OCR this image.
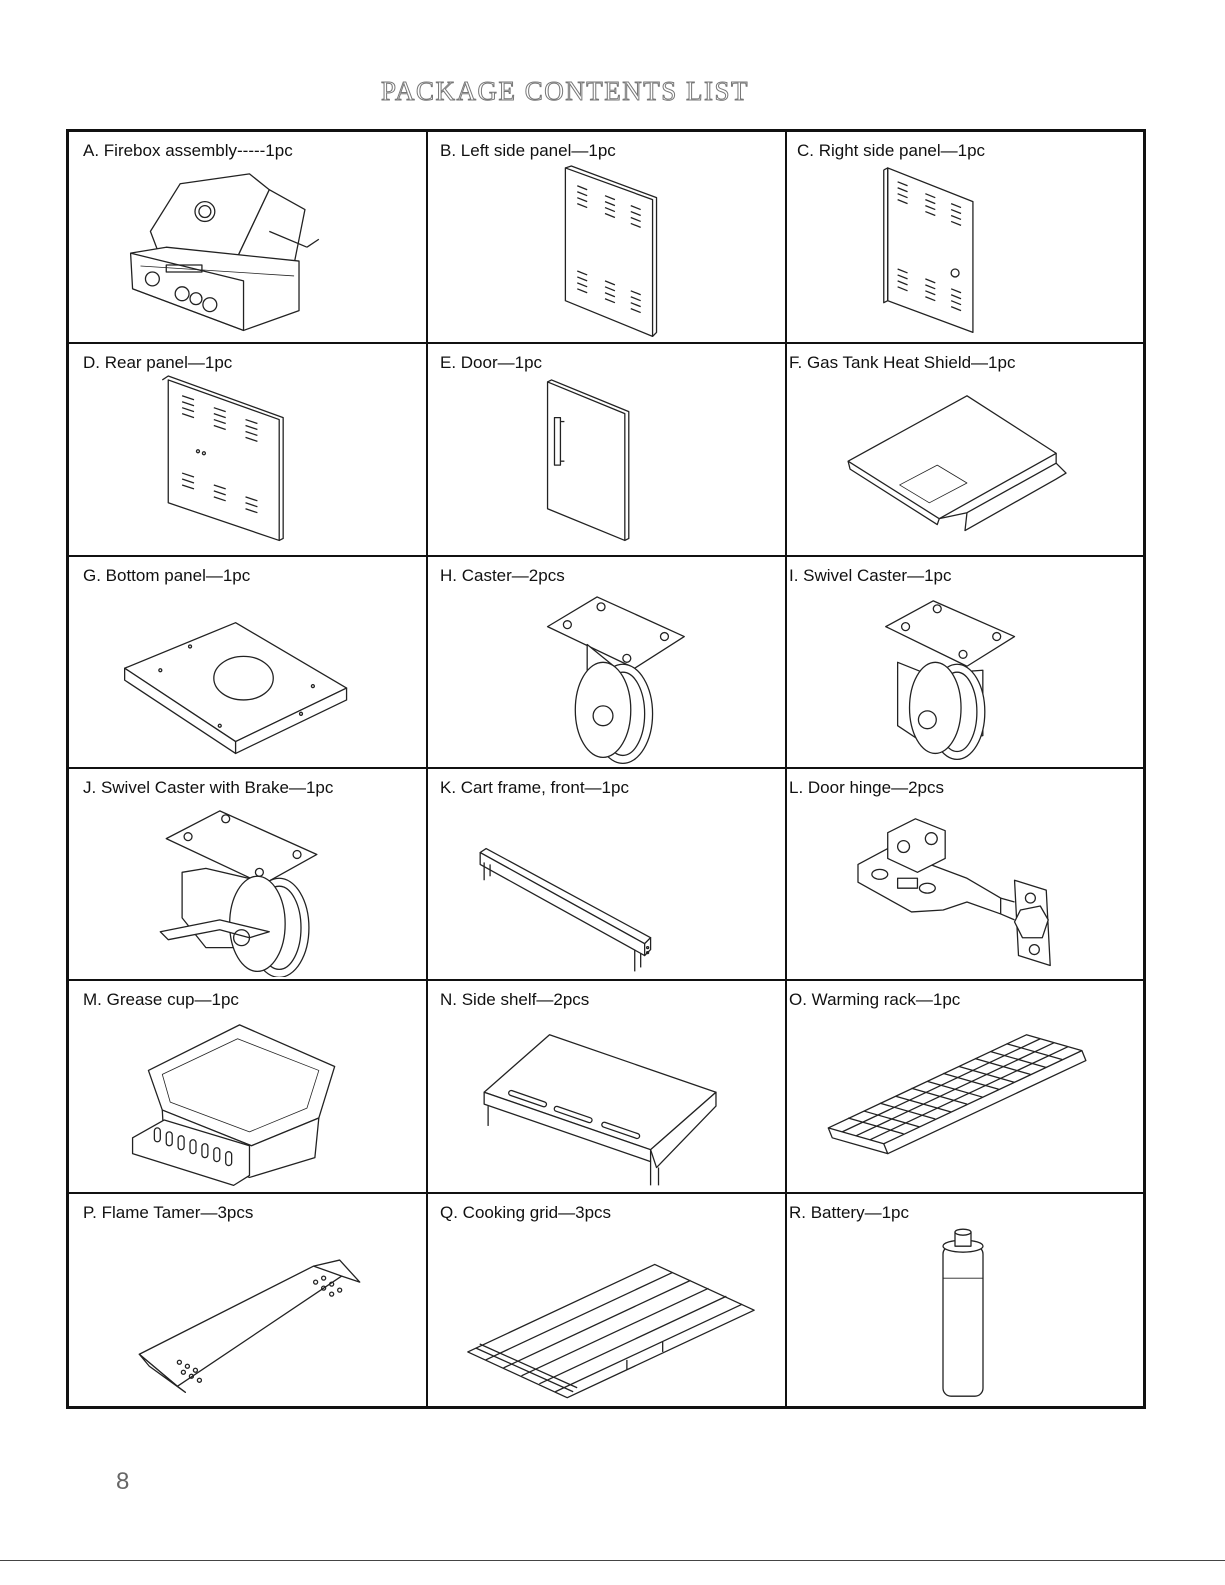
PACKAGE CONTENTS LIST
A. Firebox assembly-----1pc	B. Left side panel—1pc	C. Right side panel—1pc
D. Rear panel—1pc	E. Door—1pc	F. Gas Tank Heat Shield—1pc
G. Bottom panel—1pc	H. Caster—2pcs	I. Swivel Caster—1pc
J. Swivel Caster with Brake—1pc	K. Cart frame, front—1pc	L. Door hinge—2pcs
M. Grease cup—1pc	N. Side shelf—2pcs	O. Warming rack—1pc
P. Flame Tamer—3pcs	Q. Cooking grid—3pcs	R. Battery—1pc
8
